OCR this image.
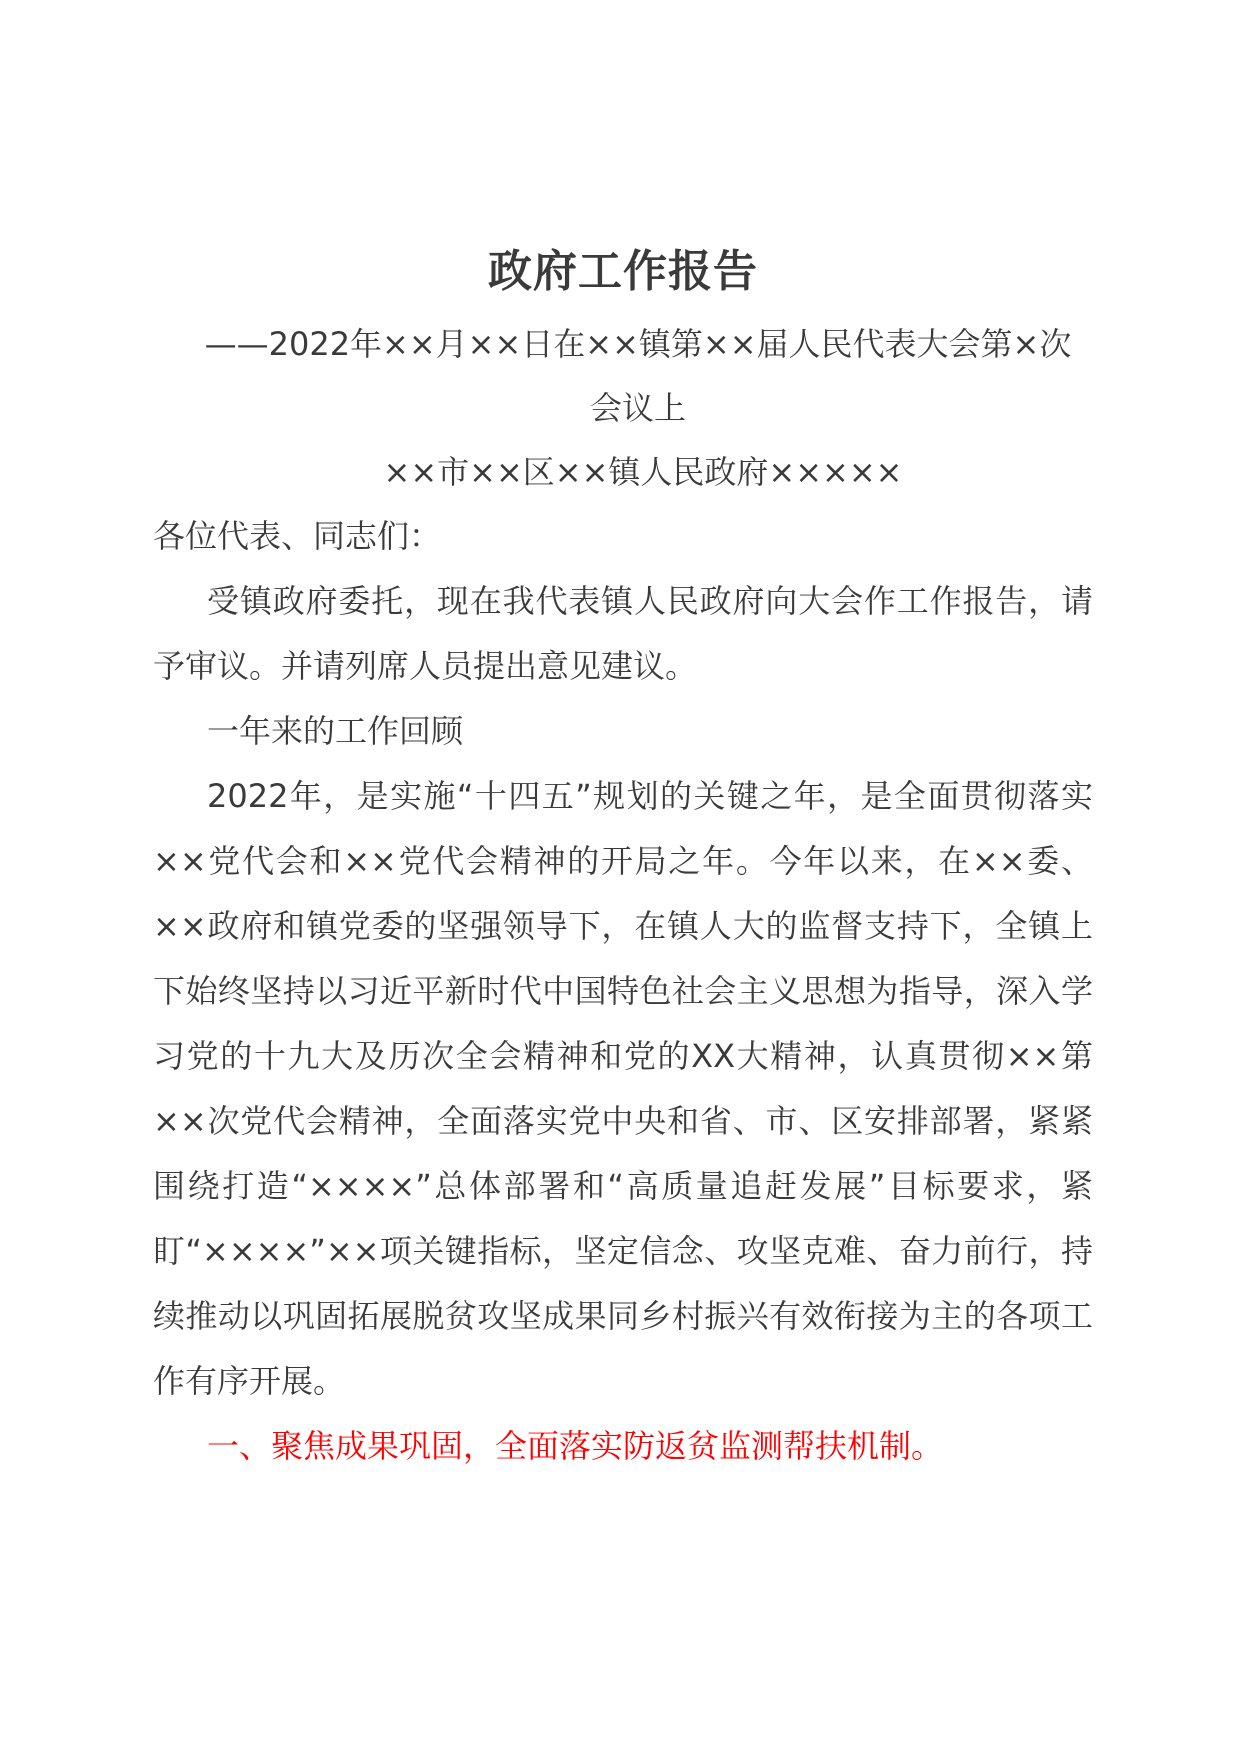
政府工作报告

——2022年××月××日在××镇第××届人民代表大会第×次会议上

××市××区××镇人民政府×××××

各位代表、同志们：

受镇政府委托，现在我代表镇人民政府向大会作工作报告，请予审议。并请列席人员提出意见建议。

一年来的工作回顾

2022年，是实施“十四五”规划的关键之年，是全面贯彻落实××党代会和××党代会精神的开局之年。今年以来，在××委、××政府和镇党委的坚强领导下，在镇人大的监督支持下，全镇上下始终坚持以习近平新时代中国特色社会主义思想为指导，深入学习党的十九大及历次全会精神和党的XX大精神，认真贯彻××第××次党代会精神，全面落实党中央和省、市、区安排部署，紧紧围绕打造“××××”总体部署和“高质量追赶发展”目标要求，紧盯“××××”××项关键指标，坚定信念、攻坚克难、奋力前行，持续推动以巩固拓展脱贫攻坚成果同乡村振兴有效衔接为主的各项工作有序开展。

一、聚焦成果巩固，全面落实防返贫监测帮扶机制。
